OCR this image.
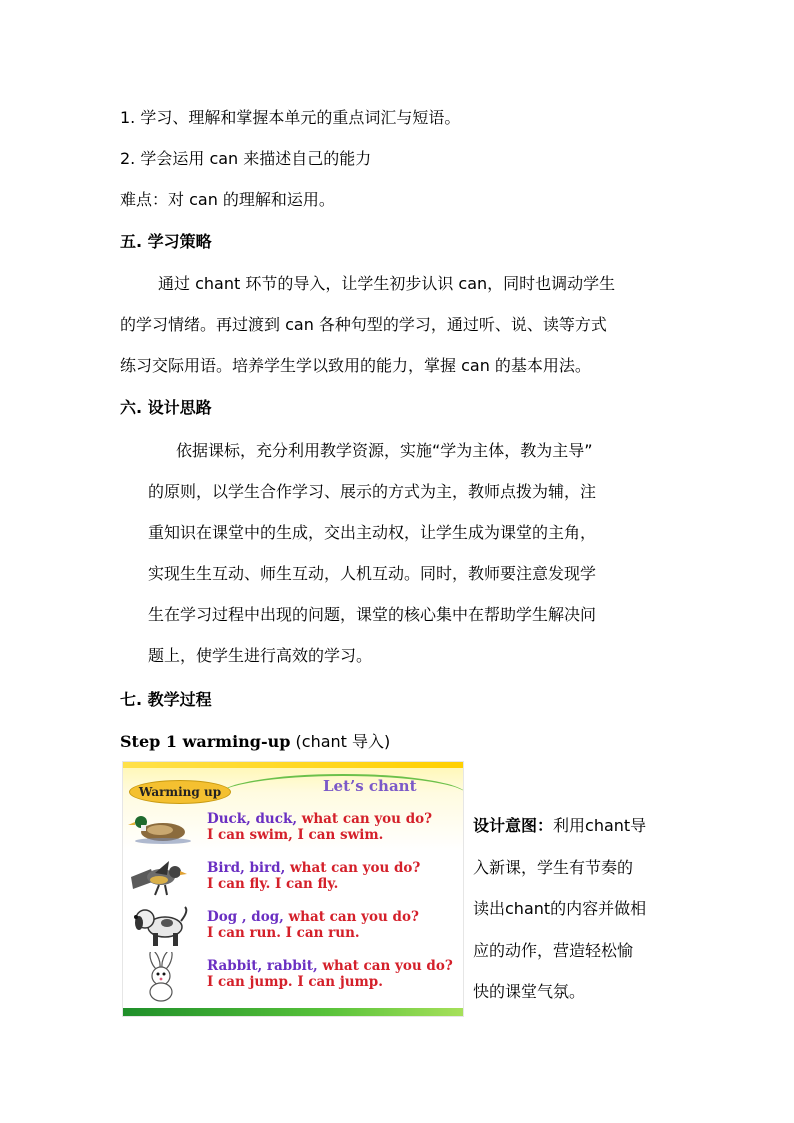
1. 学习、理解和掌握本单元的重点词汇与短语。
2. 学会运用 can 来描述自己的能力
难点：对 can 的理解和运用。
五. 学习策略
通过 chant 环节的导入，让学生初步认识 can，同时也调动学生
的学习情绪。再过渡到 can 各种句型的学习，通过听、说、读等方式
练习交际用语。培养学生学以致用的能力，掌握 can 的基本用法。
六. 设计思路
依据课标，充分利用教学资源，实施“学为主体，教为主导”
的原则，以学生合作学习、展示的方式为主，教师点拨为辅，注
重知识在课堂中的生成，交出主动权，让学生成为课堂的主角，
实现生生互动、师生互动，人机互动。同时，教师要注意发现学
生在学习过程中出现的问题，课堂的核心集中在帮助学生解决问
题上，使学生进行高效的学习。
七. 教学过程
Step 1 warming-up (chant 导入)
Warming up	Let’s chant
Duck, duck, what can you do?
I can swim, I can swim.
Bird, bird, what can you do?
I can fly. I can fly.
Dog , dog, what can you do?
I can run. I can run.
Rabbit, rabbit, what can you do?
I can jump. I can jump.
设计意图：利用chant导
入新课，学生有节奏的
读出chant的内容并做相
应的动作，营造轻松愉
快的课堂气氛。
